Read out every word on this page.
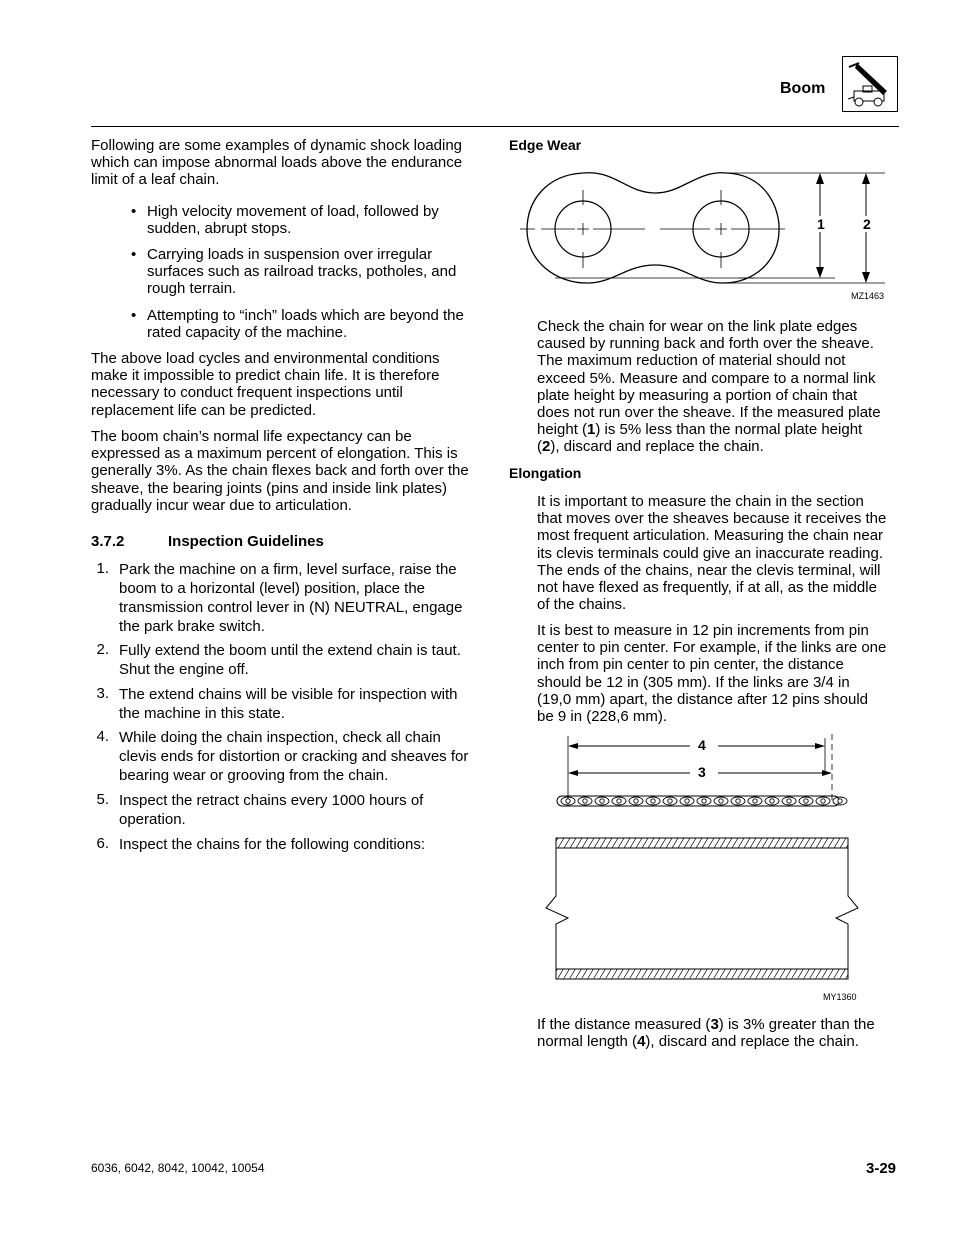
Boom

Following are some examples of dynamic shock loading which can impose abnormal loads above the endurance limit of a leaf chain.

• High velocity movement of load, followed by
sudden, abrupt stops.
• Carrying loads in suspension over irregular
surfaces such as railroad tracks, potholes, and
rough terrain.
• Attempting to “inch” loads which are beyond the
rated capacity of the machine.
The above load cycles and environmental conditions
make it impossible to predict chain life. It is therefore
necessary to conduct frequent inspections until
replacement life can be predicted.
The boom chain’s normal life expectancy can be
expressed as a maximum percent of elongation. This is
generally 3%. As the chain flexes back and forth over the
sheave, the bearing joints (pins and inside link plates)
gradually incur wear due to articulation.
3.7.2	Inspection Guidelines
1. Park the machine on a firm, level surface, raise the
boom to a horizontal (level) position, place the
transmission control lever in (N) NEUTRAL, engage
the park brake switch.
2. Fully extend the boom until the extend chain is taut.
Shut the engine off.
3. The extend chains will be visible for inspection with
the machine in this state.
4. While doing the chain inspection, check all chain
clevis ends for distortion or cracking and sheaves for
bearing wear or grooving from the chain.
5. Inspect the retract chains every 1000 hours of
operation.
6. Inspect the chains for the following conditions:
Edge Wear
1	2
MZ1463
Check the chain for wear on the link plate edges
caused by running back and forth over the sheave.
The maximum reduction of material should not
exceed 5%. Measure and compare to a normal link
plate height by measuring a portion of chain that
does not run over the sheave. If the measured plate
height (1) is 5% less than the normal plate height
(2), discard and replace the chain.
Elongation
It is important to measure the chain in the section
that moves over the sheaves because it receives the
most frequent articulation. Measuring the chain near
its clevis terminals could give an inaccurate reading.
The ends of the chains, near the clevis terminal, will
not have flexed as frequently, if at all, as the middle
of the chains.
It is best to measure in 12 pin increments from pin
center to pin center. For example, if the links are one
inch from pin center to pin center, the distance
should be 12 in (305 mm). If the links are 3/4 in
(19,0 mm) apart, the distance after 12 pins should
be 9 in (228,6 mm).
4
3
MY1360
If the distance measured (3) is 3% greater than the
normal length (4), discard and replace the chain.
6036, 6042, 8042, 10042, 10054	3-29
